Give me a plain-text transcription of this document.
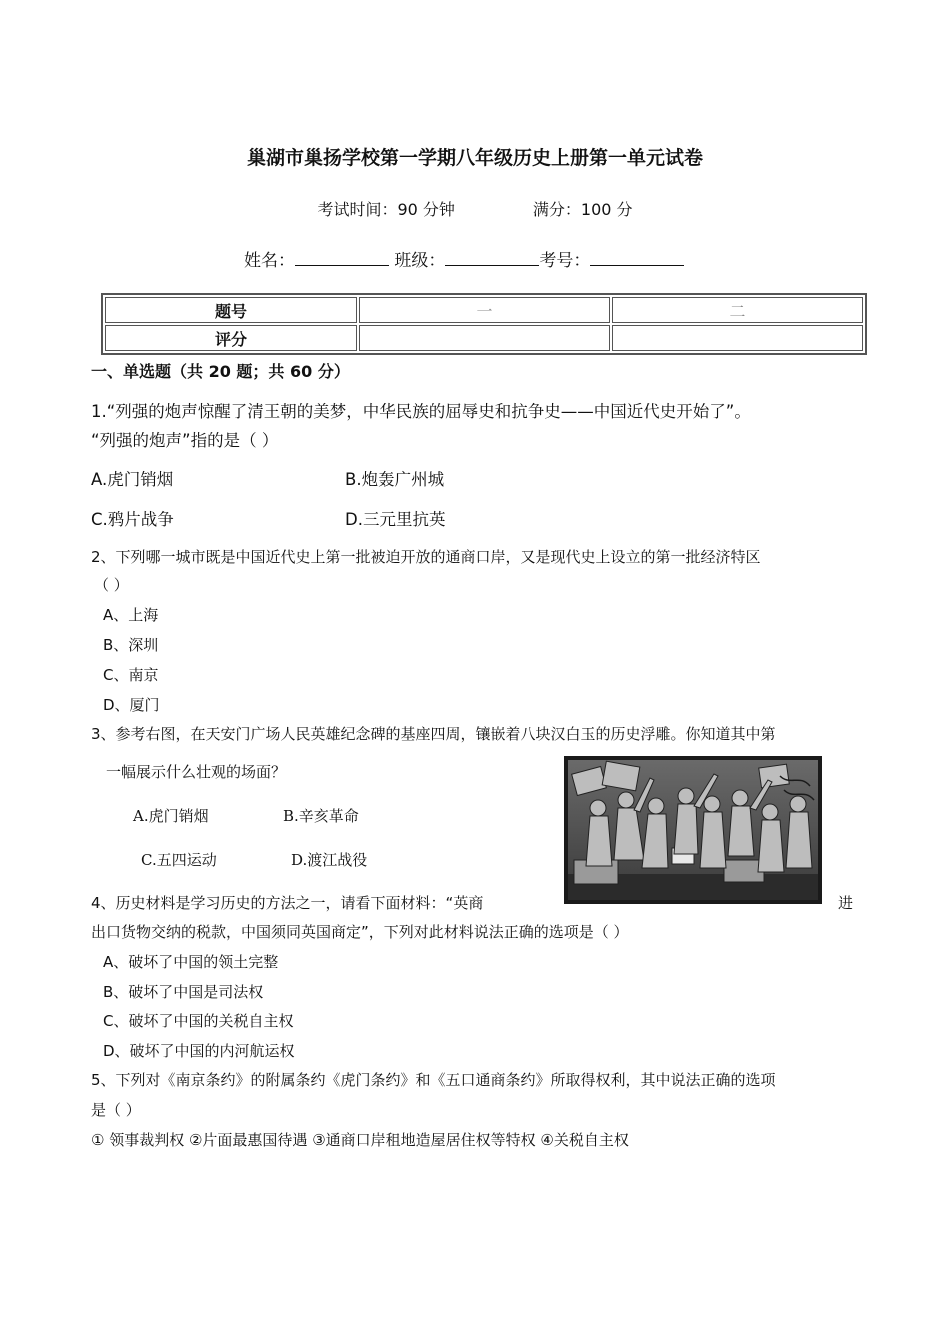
巢湖市巢扬学校第一学期八年级历史上册第一单元试卷
考试时间：90 分钟	满分：100 分
姓名：	班级：	考号：
题号	一	二
评分		
一、单选题（共 20 题；共 60 分）
1.“列强的炮声惊醒了清王朝的美梦，中华民族的屈辱史和抗争史——中国近代史开始了”。
“列强的炮声”指的是（ ）
A.虎门销烟	B.炮轰广州城
C.鸦片战争	D.三元里抗英
2、下列哪一城市既是中国近代史上第一批被迫开放的通商口岸，又是现代史上设立的第一批经济特区
（ ）
A、上海
B、深圳
C、南京
D、厦门
3、参考右图，在天安门广场人民英雄纪念碑的基座四周，镶嵌着八块汉白玉的历史浮雕。你知道其中第
一幅展示什么壮观的场面？
A.虎门销烟	B.辛亥革命
C.五四运动	D.渡江战役
4、历史材料是学习历史的方法之一，请看下面材料：“英商	进
出口货物交纳的税款，中国须同英国商定”，下列对此材料说法正确的选项是（ ）
A、破坏了中国的领土完整
B、破坏了中国是司法权
C、破坏了中国的关税自主权
D、破坏了中国的内河航运权
5、下列对《南京条约》的附属条约《虎门条约》和《五口通商条约》所取得权利，其中说法正确的选项
是（ ）
① 领事裁判权 ②片面最惠国待遇 ③通商口岸租地造屋居住权等特权 ④关税自主权
